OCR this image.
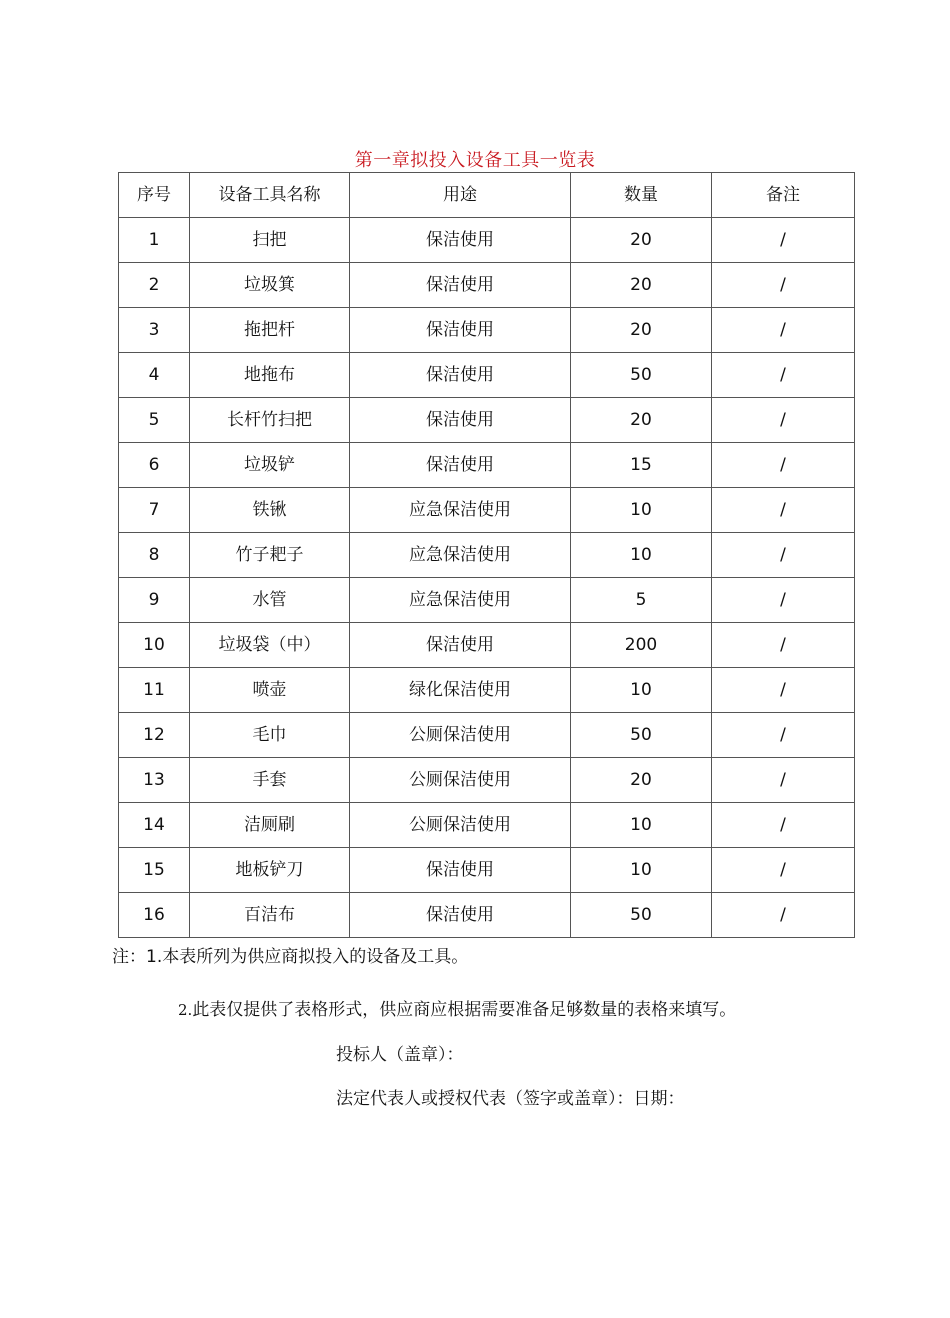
第一章拟投入设备工具一览表
序号	设备工具名称	用途	数量	备注
1	扫把	保洁使用	20	/
2	垃圾箕	保洁使用	20	/
3	拖把杆	保洁使用	20	/
4	地拖布	保洁使用	50	/
5	长杆竹扫把	保洁使用	20	/
6	垃圾铲	保洁使用	15	/
7	铁锹	应急保洁使用	10	/
8	竹子耙子	应急保洁使用	10	/
9	水管	应急保洁使用	5	/
10	垃圾袋（中）	保洁使用	200	/
11	喷壶	绿化保洁使用	10	/
12	毛巾	公厕保洁使用	50	/
13	手套	公厕保洁使用	20	/
14	洁厕刷	公厕保洁使用	10	/
15	地板铲刀	保洁使用	10	/
16	百洁布	保洁使用	50	/
注：1.本表所列为供应商拟投入的设备及工具。
2.此表仅提供了表格形式，供应商应根据需要准备足够数量的表格来填写。
投标人（盖章）：
法定代表人或授权代表（签字或盖章）：日期：
